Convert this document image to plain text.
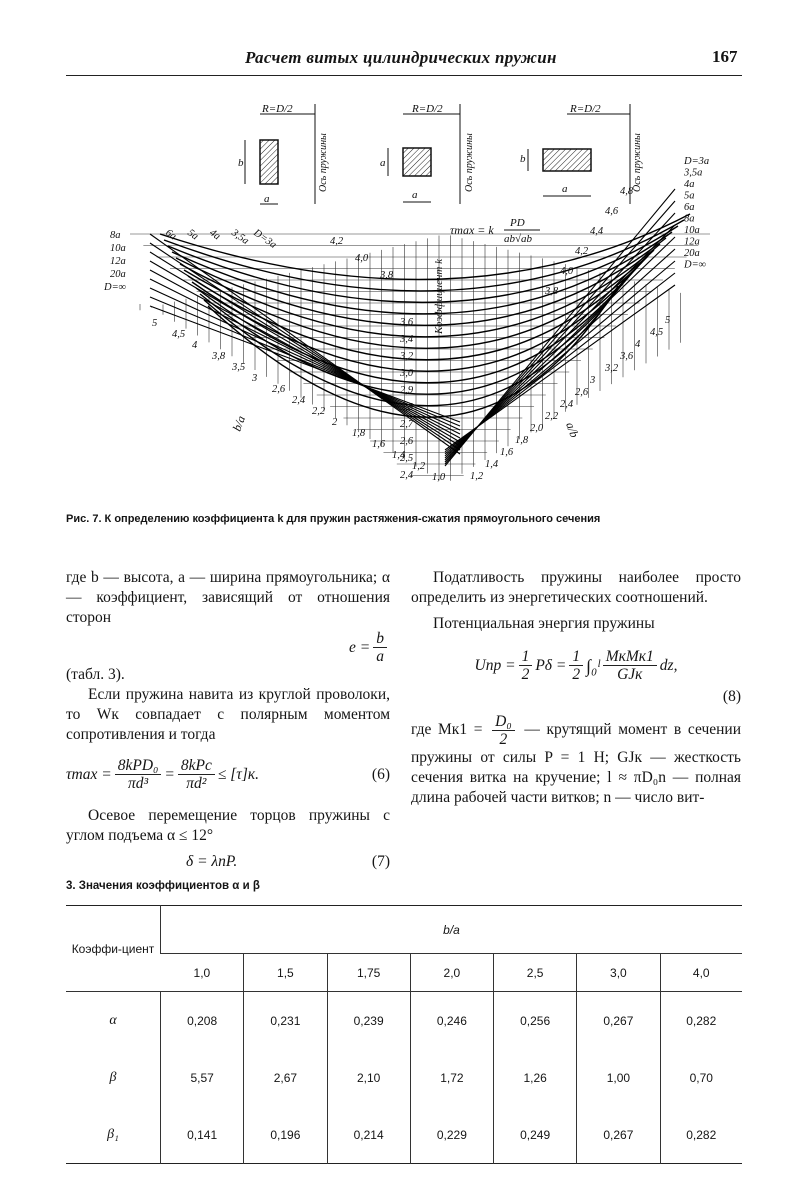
Расчет витых цилиндрических пружин	167
R=D/2
b
a
Ось пружины
R=D/2
a
a
Ось пружины
R=D/2
b
a	Ось пружины
τmax = k PD
ab√ab
Коэффициент k
8a
10a
12a
20a
D=∞
6a 5a 4a 3,5a D=3a
D=3a
3,5a
4a
5a
6a
8a
10a
12a
20a
D=∞
5
4,5
4
3,8
3,5
3
2,6
2,4
2,2
2
1,8
1,6
1,4
1,2
1,0 1,2
1,4
1,6
1,8
2,0
2,2
2,4
2,6
3
3,2
3,6
4
4,5
5
4,2
4,0
3,8
3,6
3,4
3,2
3,0
2,9
2,8
2,7
2,6
2,5
2,4
4,8
4,6
4,4
4,2
4,0
3,8
b/a	a/b
Рис. 7. К определению коэффициента k для пружин растяжения-сжатия прямоугольного сечения

где b — высота, a — ширина прямоугольника; α — коэффициент, зависящий от отношения сторон

$e = \frac{b}{a}$

(табл. 3).

Если пружина навита из круглой проволоки, то Wк совпадает с полярным моментом сопротивления и тогда

$\tau\max = \frac{\text{8kPD₀}}{\text{πd³}} = \frac{\text{8kPc}}{\text{πd²}} \le [\tau]к$.	(6)

Осевое перемещение торцов пружины с углом подъема α ≤ 12°

δ = λпP.	(7)

Податливость пружины наиболее просто определить из энергетических соотношений.

Потенциальная энергия пружины

Uпр = $\frac{1}{2}$ $P\delta = \frac{1}{2}$ ∫₀ˡ $\frac{\text{MкMк1}}{\text{GJк}}$ dz,
(8)
где $Mк1 = \frac{\text{D₀}}{2}$ — крутящий момент в сечении пружины от силы P = 1 Н; GJк — жесткость сечения витка на кручение; l ≈ πD₀n — полная длина рабочей части витков; n — число вит-
3. Значения коэффициентов α и β
Коэффи-циент	b/a						
	1,0	1,5	1,75	2,0	2,5	3,0	4,0
α	0,208	0,231	0,239	0,246	0,256	0,267	0,282
β	5,57	2,67	2,10	1,72	1,26	1,00	0,70
β₁	0,141	0,196	0,214	0,229	0,249	0,267	0,282
